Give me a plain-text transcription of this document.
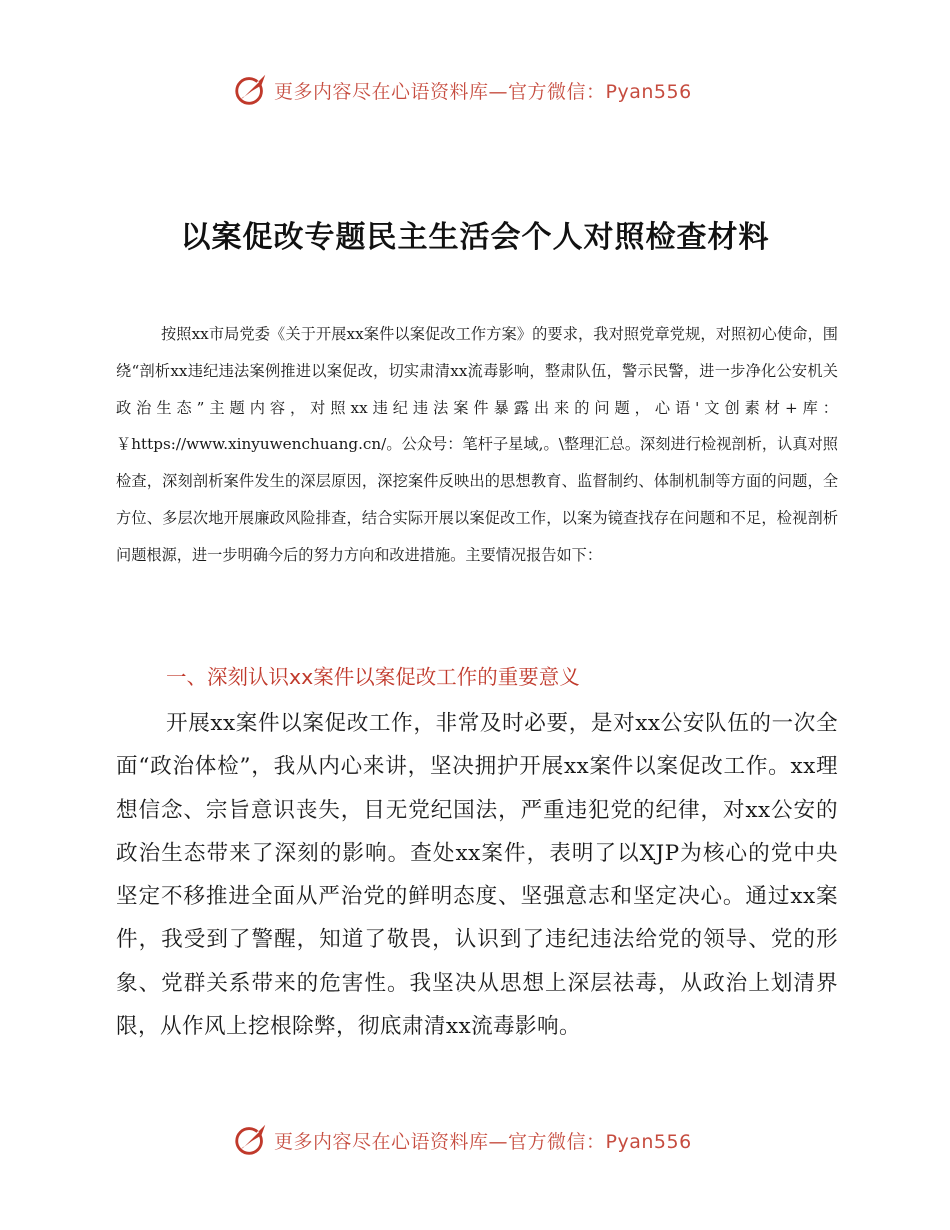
更多内容尽在心语资料库—官方微信：Pyan556
以案促改专题民主生活会个人对照检查材料

按照xx市局党委《关于开展xx案件以案促改工作方案》的要求，我对照党章党规，对照初心使命，围绕“剖析xx违纪违法案例推进以案促改，切实肃清xx流毒影响，整肃队伍，警示民警，进一步净化公安机关政治生态”主题内容，对照xx违纪违法案件暴露出来的问题，心语'文创素材+库：￥https://www.xinyuwenchuang.cn/。公众号：笔杆子星域,。\整理汇总。深刻进行检视剖析，认真对照检查，深刻剖析案件发生的深层原因，深挖案件反映出的思想教育、监督制约、体制机制等方面的问题，全方位、多层次地开展廉政风险排查，结合实际开展以案促改工作，以案为镜查找存在问题和不足，检视剖析问题根源，进一步明确今后的努力方向和改进措施。主要情况报告如下：

一、深刻认识xx案件以案促改工作的重要意义

开展xx案件以案促改工作，非常及时必要，是对xx公安队伍的一次全面“政治体检”，我从内心来讲，坚决拥护开展xx案件以案促改工作。xx理想信念、宗旨意识丧失，目无党纪国法，严重违犯党的纪律，对xx公安的政治生态带来了深刻的影响。查处xx案件，表明了以XJP为核心的党中央坚定不移推进全面从严治党的鲜明态度、坚强意志和坚定决心。通过xx案件，我受到了警醒，知道了敬畏，认识到了违纪违法给党的领导、党的形象、党群关系带来的危害性。我坚决从思想上深层祛毒，从政治上划清界限，从作风上挖根除弊，彻底肃清xx流毒影响。

更多内容尽在心语资料库—官方微信：Pyan556
